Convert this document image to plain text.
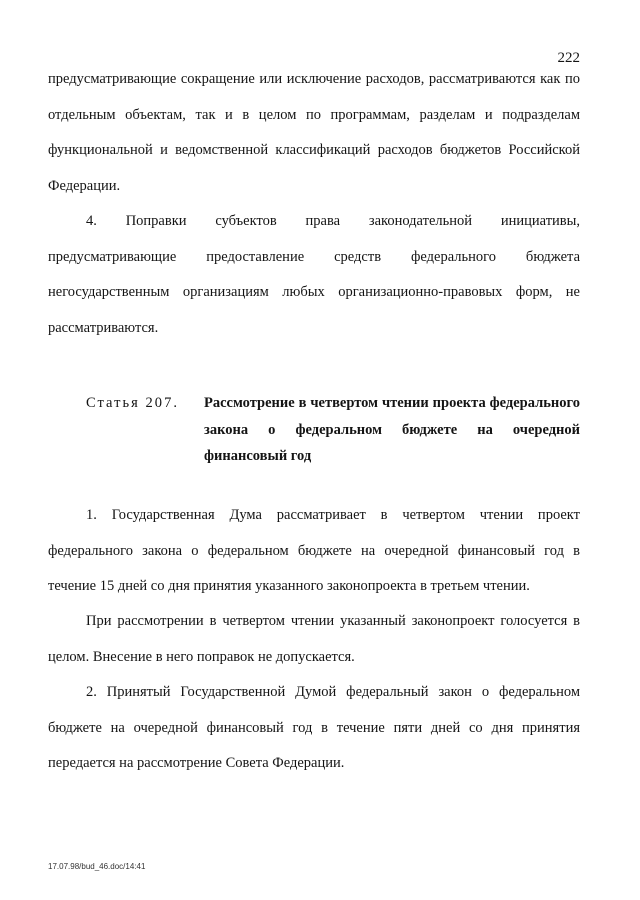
222

предусматривающие сокращение или исключение расходов, рассматриваются как по отдельным объектам, так и в целом по программам, разделам и подразделам функциональной и ведомственной классификаций расходов бюджетов Российской Федерации.

4. Поправки субъектов права законодательной инициативы, предусматривающие предоставление средств федерального бюджета негосударственным организациям любых организационно-правовых форм, не рассматриваются.

Статья 207. Рассмотрение в четвертом чтении проекта федерального закона о федеральном бюджете на очередной финансовый год

1. Государственная Дума рассматривает в четвертом чтении проект федерального закона о федеральном бюджете на очередной финансовый год в течение 15 дней со дня принятия указанного законопроекта в третьем чтении.

При рассмотрении в четвертом чтении указанный законопроект голосуется в целом. Внесение в него поправок не допускается.

2. Принятый Государственной Думой федеральный закон о федеральном бюджете на очередной финансовый год в течение пяти дней со дня принятия передается на рассмотрение Совета Федерации.

17.07.98/bud_46.doc/14:41
